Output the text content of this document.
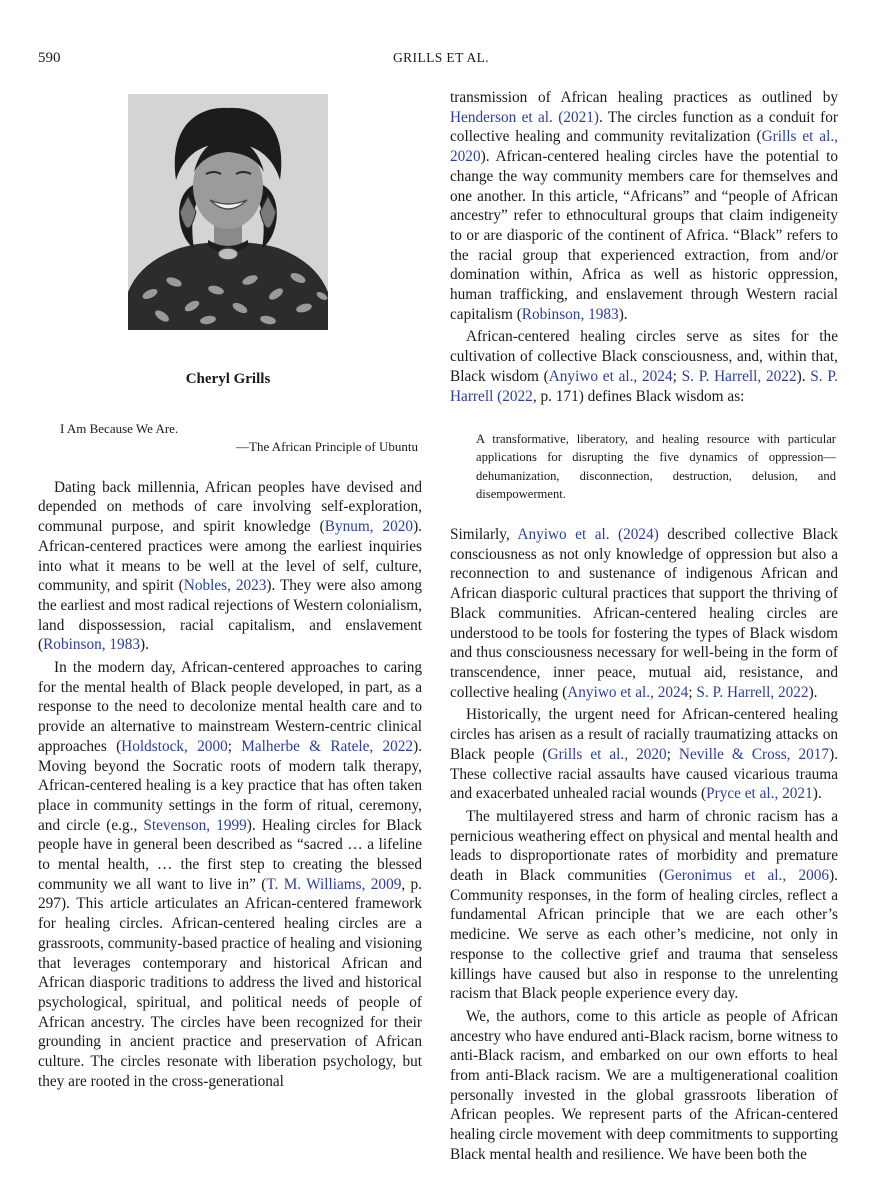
590	GRILLS ET AL.
Cheryl Grills
I Am Because We Are.
—The African Principle of Ubuntu

Dating back millennia, African peoples have devised and depended on methods of care involving self-exploration, communal purpose, and spirit knowledge (Bynum, 2020). African-centered practices were among the earliest inquiries into what it means to be well at the level of self, culture, community, and spirit (Nobles, 2023). They were also among the earliest and most radical rejections of Western colonialism, land dispossession, racial capitalism, and enslavement (Robinson, 1983).

In the modern day, African-centered approaches to caring for the mental health of Black people developed, in part, as a response to the need to decolonize mental health care and to provide an alternative to mainstream Western-centric clinical approaches (Holdstock, 2000; Malherbe & Ratele, 2022). Moving beyond the Socratic roots of modern talk therapy, African-centered healing is a key practice that has often taken place in community settings in the form of ritual, ceremony, and circle (e.g., Stevenson, 1999). Healing circles for Black people have in general been described as “sacred … a lifeline to mental health, … the first step to creating the blessed community we all want to live in” (T. M. Williams, 2009, p. 297). This article articulates an African-centered framework for healing circles. African-centered healing circles are a grassroots, community-based practice of healing and visioning that leverages contemporary and historical African and African diasporic traditions to address the lived and historical psychological, spiritual, and political needs of people of African ancestry. The circles have been recognized for their grounding in ancient practice and preservation of African culture. The circles resonate with liberation psychology, but they are rooted in the cross-generational

transmission of African healing practices as outlined by Henderson et al. (2021). The circles function as a conduit for collective healing and community revitalization (Grills et al., 2020). African-centered healing circles have the potential to change the way community members care for themselves and one another. In this article, “Africans” and “people of African ancestry” refer to ethnocultural groups that claim indigeneity to or are diasporic of the continent of Africa. “Black” refers to the racial group that experienced extraction, from and/or domination within, Africa as well as historic oppression, human trafficking, and enslavement through Western racial capitalism (Robinson, 1983).

African-centered healing circles serve as sites for the cultivation of collective Black consciousness, and, within that, Black wisdom (Anyiwo et al., 2024; S. P. Harrell, 2022). S. P. Harrell (2022, p. 171) defines Black wisdom as:

A transformative, liberatory, and healing resource with particular applications for disrupting the five dynamics of oppression—dehumanization, disconnection, destruction, delusion, and disempowerment.

Similarly, Anyiwo et al. (2024) described collective Black consciousness as not only knowledge of oppression but also a reconnection to and sustenance of indigenous African and African diasporic cultural practices that support the thriving of Black communities. African-centered healing circles are understood to be tools for fostering the types of Black wisdom and thus consciousness necessary for well-being in the form of transcendence, inner peace, mutual aid, resistance, and collective healing (Anyiwo et al., 2024; S. P. Harrell, 2022).

Historically, the urgent need for African-centered healing circles has arisen as a result of racially traumatizing attacks on Black people (Grills et al., 2020; Neville & Cross, 2017). These collective racial assaults have caused vicarious trauma and exacerbated unhealed racial wounds (Pryce et al., 2021).

The multilayered stress and harm of chronic racism has a pernicious weathering effect on physical and mental health and leads to disproportionate rates of morbidity and premature death in Black communities (Geronimus et al., 2006). Community responses, in the form of healing circles, reflect a fundamental African principle that we are each other’s medicine. We serve as each other’s medicine, not only in response to the collective grief and trauma that senseless killings have caused but also in response to the unrelenting racism that Black people experience every day.

We, the authors, come to this article as people of African ancestry who have endured anti-Black racism, borne witness to anti-Black racism, and embarked on our own efforts to heal from anti-Black racism. We are a multigenerational coalition personally invested in the global grassroots liberation of African peoples. We represent parts of the African-centered healing circle movement with deep commitments to supporting Black mental health and resilience. We have been both the
